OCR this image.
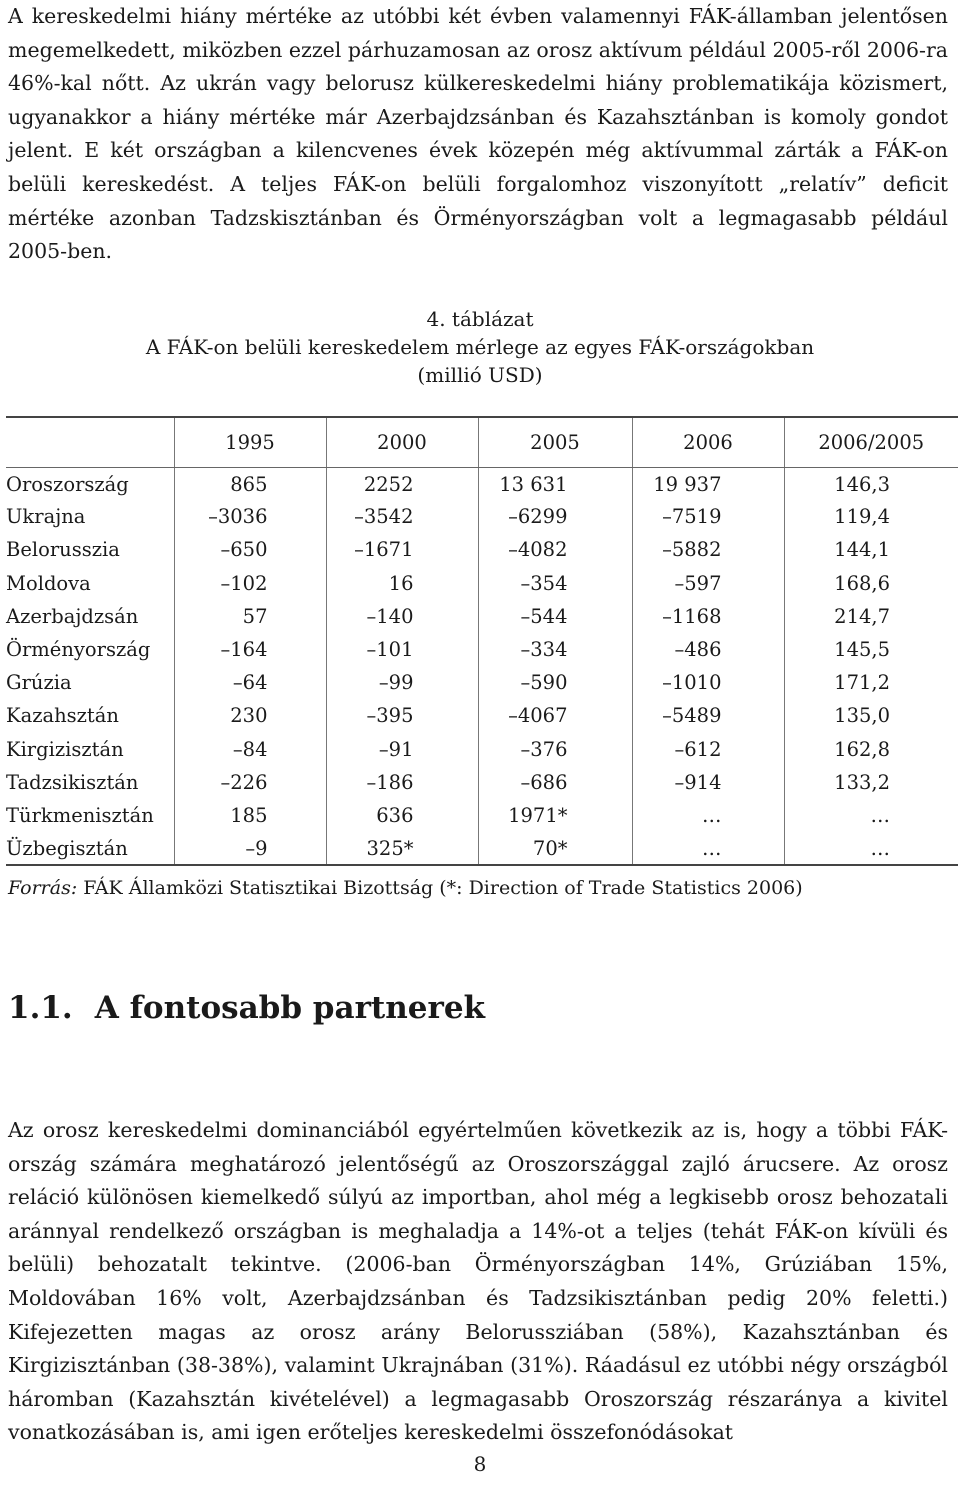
A kereskedelmi hiány mértéke az utóbbi két évben valamennyi FÁK-államban jelentősen megemelkedett, miközben ezzel párhuzamosan az orosz aktívum például 2005-ről 2006-ra 46%-kal nőtt. Az ukrán vagy belorusz külkereskedelmi hiány problematikája közismert, ugyanakkor a hiány mértéke már Azerbajdzsánban és Kazahsztánban is komoly gondot jelent. E két országban a kilencvenes évek közepén még aktívummal zárták a FÁK-on belüli kereskedést. A teljes FÁK-on belüli forgalomhoz viszonyított „relatív” deficit mértéke azonban Tadzskisztánban és Örményországban volt a legmagasabb például 2005-ben.
4. táblázat
A FÁK-on belüli kereskedelem mérlege az egyes FÁK-országokban
(millió USD)
	1995	2000	2005	2006	2006/2005
Oroszország	865	2252	13 631	19 937	146,3
Ukrajna	–3036	–3542	–6299	–7519	119,4
Belorusszia	–650	–1671	–4082	–5882	144,1
Moldova	–102	16	–354	–597	168,6
Azerbajdzsán	57	–140	–544	–1168	214,7
Örményország	–164	–101	–334	–486	145,5
Grúzia	–64	–99	–590	–1010	171,2
Kazahsztán	230	–395	–4067	–5489	135,0
Kirgizisztán	–84	–91	–376	–612	162,8
Tadzsikisztán	–226	–186	–686	–914	133,2
Türkmenisztán	185	636	1971*	…	…
Üzbegisztán	–9	325*	70*	…	…
Forrás: FÁK Államközi Statisztikai Bizottság (*: Direction of Trade Statistics 2006)
1.1. A fontosabb partnerek
Az orosz kereskedelmi dominanciából egyértelműen következik az is, hogy a többi FÁK-ország számára meghatározó jelentőségű az Oroszországgal zajló árucsere. Az orosz reláció különösen kiemelkedő súlyú az importban, ahol még a legkisebb orosz behozatali aránnyal rendelkező országban is meghaladja a 14%-ot a teljes (tehát FÁK-on kívüli és belüli) behozatalt tekintve. (2006-ban Örményországban 14%, Grúziában 15%, Moldovában 16% volt, Azerbajdzsánban és Tadzsikisztánban pedig 20% feletti.) Kifejezetten magas az orosz arány Belorussziában (58%), Kazahsztánban és Kirgizisztánban (38-38%), valamint Ukrajnában (31%). Ráadásul ez utóbbi négy országból háromban (Kazahsztán kivételével) a legmagasabb Oroszország részaránya a kivitel vonatkozásában is, ami igen erőteljes kereskedelmi összefonódásokat
8
